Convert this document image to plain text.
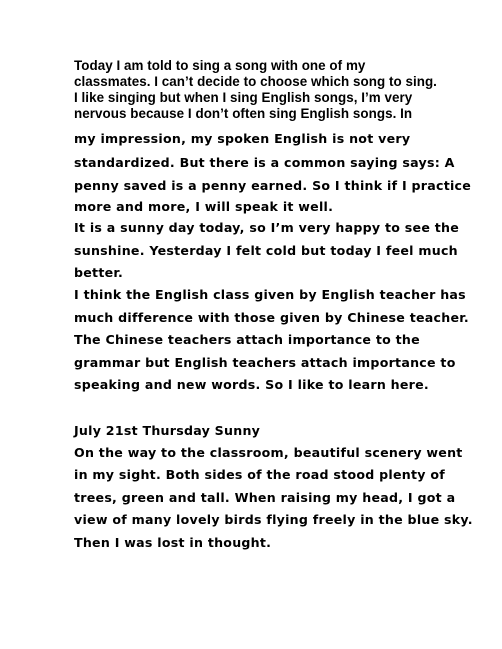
Today I am told to sing a song with one of my
classmates. I can’t decide to choose which song to sing.
I like singing but when I sing English songs, I’m very
nervous because I don’t often sing English songs. In
my impression, my spoken English is not very
standardized. But there is a common saying says: A
penny saved is a penny earned. So I think if I practice
more and more, I will speak it well.
It is a sunny day today, so I’m very happy to see the
sunshine. Yesterday I felt cold but today I feel much
better.
I think the English class given by English teacher has
much difference with those given by Chinese teacher.
The Chinese teachers attach importance to the
grammar but English teachers attach importance to
speaking and new words. So I like to learn here.
July 21st Thursday Sunny
On the way to the classroom, beautiful scenery went
in my sight. Both sides of the road stood plenty of
trees, green and tall. When raising my head, I got a
view of many lovely birds flying freely in the blue sky.
Then I was lost in thought.
